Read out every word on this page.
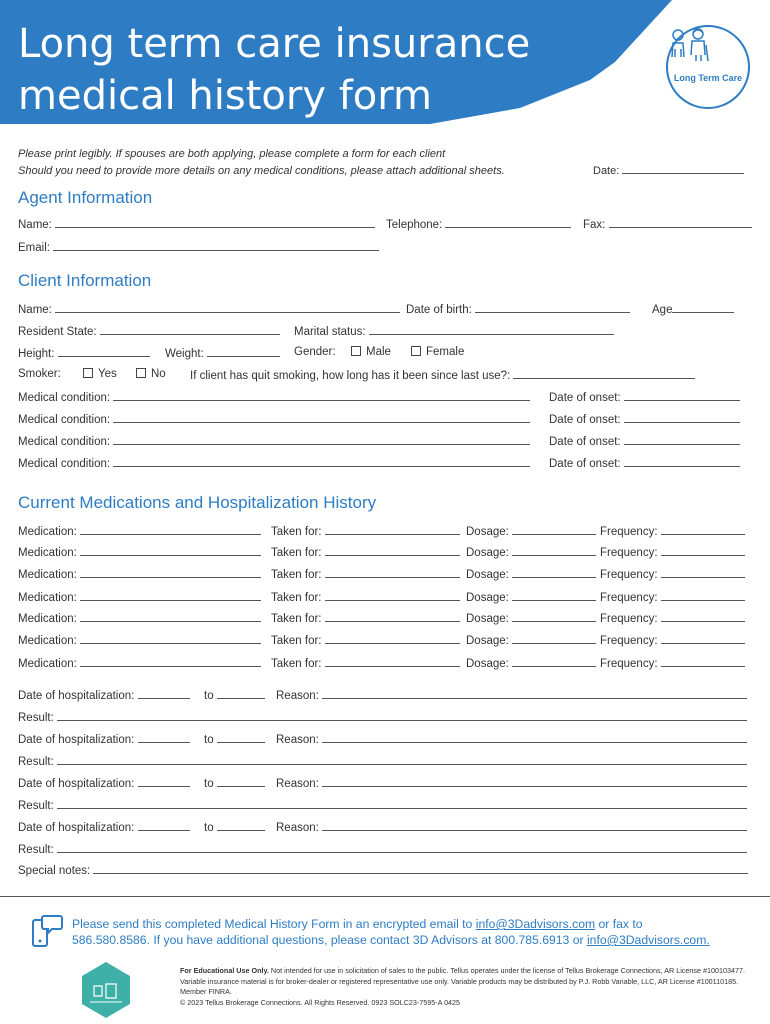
Long term care insurance
medical history form	Long Term Care
Please print legibly. If spouses are both applying, please complete a form for each client
Should you need to provide more details on any medical conditions, please attach additional sheets.	Date:
Agent Information
Name:	Telephone:	Fax:
Email:
Client Information
Name:	Date of birth:	Age
Resident State:	Marital status:
Height:	Weight:	Gender:	Male	Female
Smoker:	Yes	No If client has quit smoking, how long has it been since last use?:
Medical condition:	Date of onset:
Medical condition:	Date of onset:
Medical condition:	Date of onset:
Medical condition:	Date of onset:
Current Medications and Hospitalization History
Medication:	Taken for:	Dosage:	Frequency:
Medication:	Taken for:	Dosage:	Frequency:
Medication:	Taken for:	Dosage:	Frequency:
Medication:	Taken for:	Dosage:	Frequency:
Medication:	Taken for:	Dosage:	Frequency:
Medication:	Taken for:	Dosage:	Frequency:
Medication:	Taken for:	Dosage:	Frequency:
Date of hospitalization:	to	Reason:
Result:
Date of hospitalization:	to	Reason:
Result:
Date of hospitalization:	to	Reason:
Result:
Date of hospitalization:	to	Reason:
Result:
Special notes:
Please send this completed Medical History Form in an encrypted email to info@3Dadvisors.com or fax to
586.580.8586. If you have additional questions, please contact 3D Advisors at 800.785.6913 or info@3Dadvisors.com.
For Educational Use Only. Not intended for use in solicitation of sales to the public. Tellus operates under the license of Tellus Brokerage Connections, AR License #100103477. Variable insurance material is for broker-dealer or registered representative use only. Variable products may be distributed by P.J. Robb Variable, LLC, AR License #100110185. Member FINRA.
© 2023 Tellus Brokerage Connections. All Rights Reserved. 0923 SOLC23-7595-A 0425
